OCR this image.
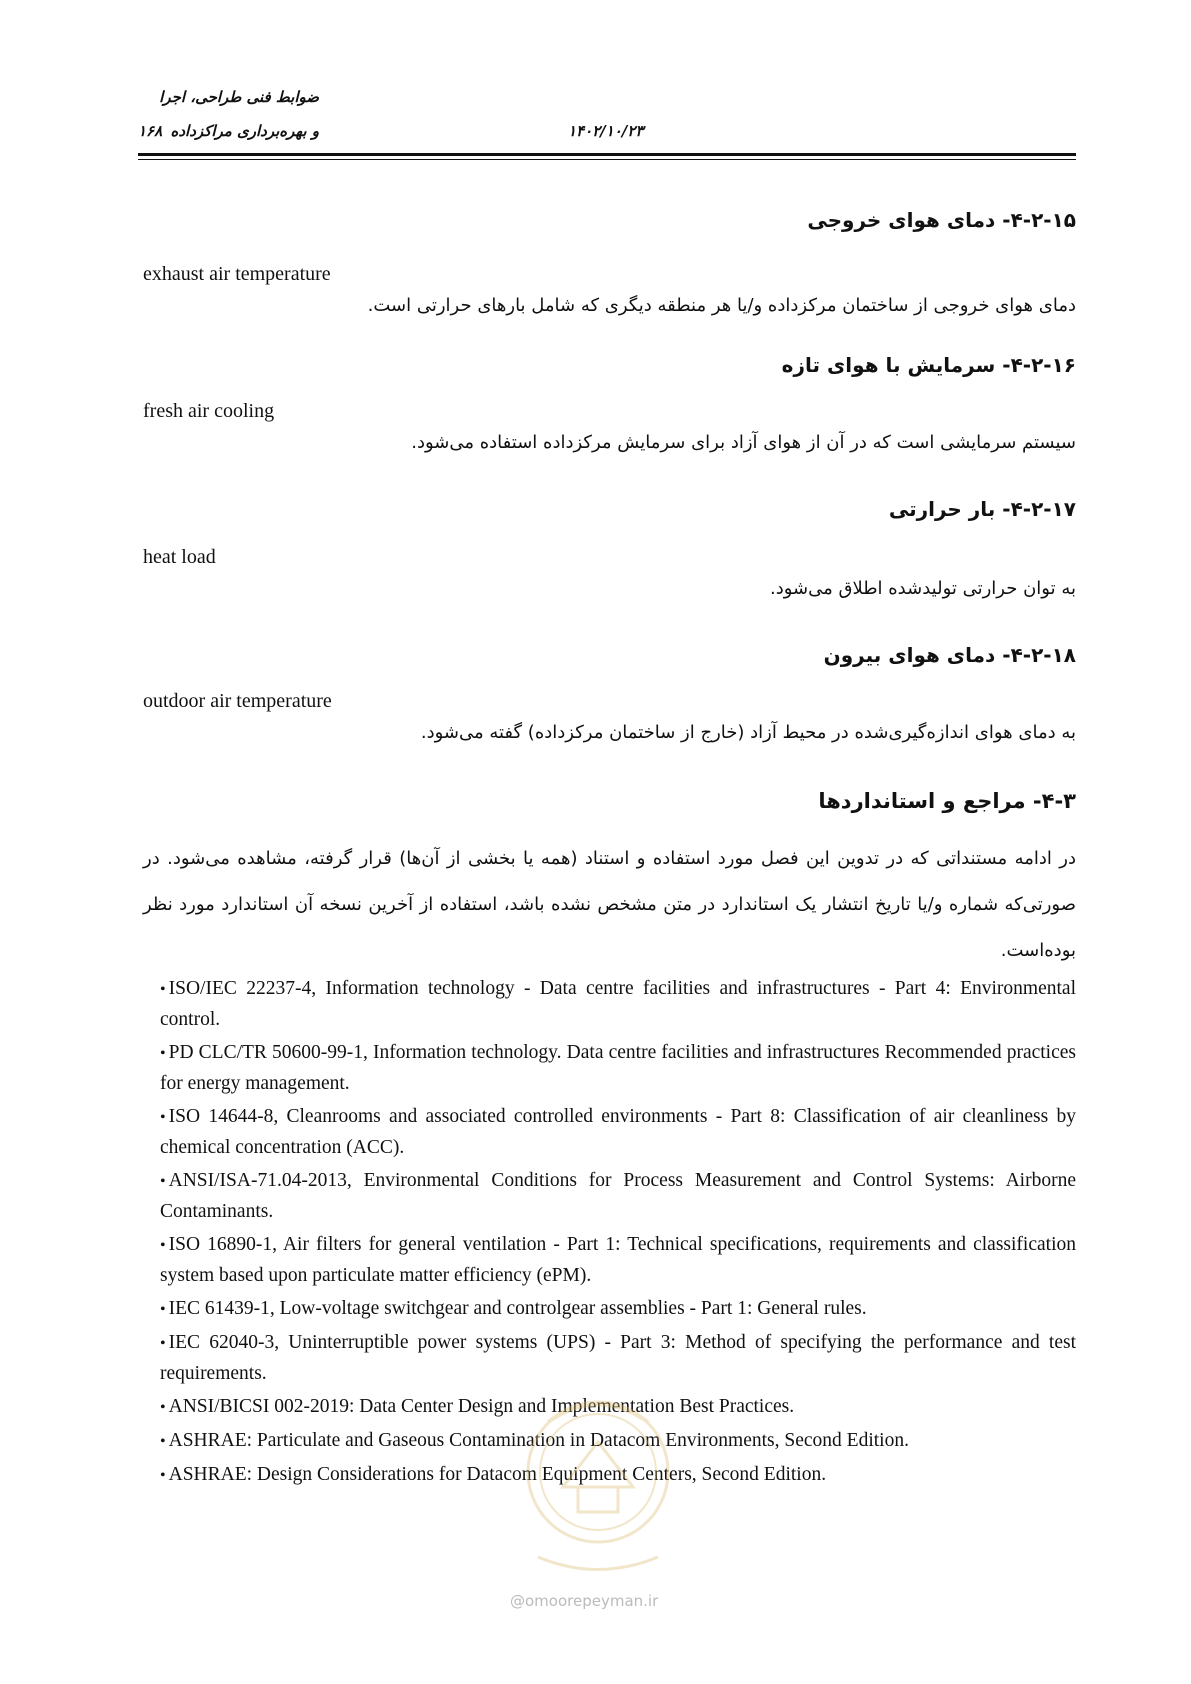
ضوابط فنی طراحی، اجرا
و بهره‌برداری مراکزداده	۱۴۰۲/۱۰/۲۳
۱۶۸

۴-۲-۱۵- دمای هوای خروجی

exhaust air temperature

دمای هوای خروجی از ساختمان مرکزداده و/یا هر منطقه دیگری که شامل بارهای حرارتی است.

۴-۲-۱۶- سرمایش با هوای تازه

fresh air cooling

سیستم سرمایشی است که در آن از هوای آزاد برای سرمایش مرکزداده استفاده می‌شود.

۴-۲-۱۷- بار حرارتی

heat load

به توان حرارتی تولیدشده اطلاق می‌شود.

۴-۲-۱۸- دمای هوای بیرون

outdoor air temperature

به دمای هوای اندازه‌گیری‌شده در محیط آزاد (خارج از ساختمان مرکزداده) گفته می‌شود.

۴-۳- مراجع و استانداردها

در ادامه مستنداتی که در تدوین این فصل مورد استفاده و استناد (همه یا بخشی از آن‌ها) قرار گرفته، مشاهده می‌شود. در صورتی‌که شماره و/یا تاریخ انتشار یک استاندارد در متن مشخص نشده باشد، استفاده از آخرین نسخه آن استاندارد مورد نظر بوده‌است.

• ISO/IEC 22237-4, Information technology - Data centre facilities and infrastructures - Part 4: Environmental control.
• PD CLC/TR 50600-99-1, Information technology. Data centre facilities and infrastructures Recommended practices for energy management.
• ISO 14644-8, Cleanrooms and associated controlled environments - Part 8: Classification of air cleanliness by chemical concentration (ACC).
• ANSI/ISA-71.04-2013, Environmental Conditions for Process Measurement and Control Systems: Airborne Contaminants.
• ISO 16890-1, Air filters for general ventilation - Part 1: Technical specifications, requirements and classification system based upon particulate matter efficiency (ePM).
• IEC 61439-1, Low-voltage switchgear and controlgear assemblies - Part 1: General rules.
• IEC 62040-3, Uninterruptible power systems (UPS) - Part 3: Method of specifying the performance and test requirements.
• ANSI/BICSI 002-2019: Data Center Design and Implementation Best Practices.
• ASHRAE: Particulate and Gaseous Contamination in Datacom Environments, Second Edition.
• ASHRAE: Design Considerations for Datacom Equipment Centers, Second Edition.
@omoorepeyman.ir
